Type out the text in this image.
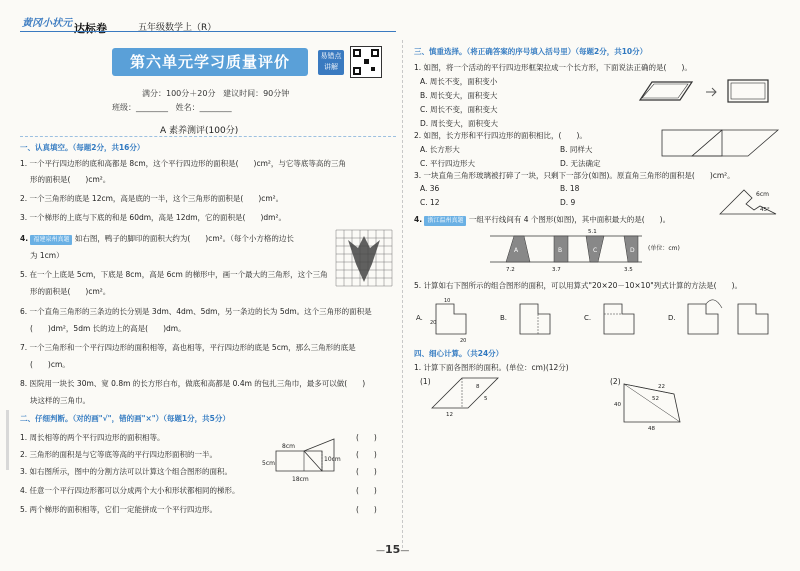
黄冈小状元 达标卷	五年级数学上（R）
第六单元学习质量评价	易错点讲解
满分：100分＋20分 建议时间：90分钟
班级：________   姓名：________
A 素养测评(100分)
一、认真填空。（每题2分，共16分）
1. 一个平行四边形的底和高都是 8cm，这个平行四边形的面积是(　　)cm²，与它等底等高的三角
形的面积是(　　)cm²。
2. 一个三角形的底是 12cm，高是底的一半，这个三角形的面积是(　　)cm²。
3. 一个梯形的上底与下底的和是 60dm，高是 12dm，它的面积是(　　)dm²。
4. 福建泉州真题 如右图，鸭子的脚印的面积大约为(　　)cm²。（每个小方格的边长
为 1cm）
5. 在一个上底是 5cm，下底是 8cm，高是 6cm 的梯形中，画一个最大的三角形，这个三角
形的面积是(　　)cm²。
6. 一个直角三角形的三条边的长分别是 3dm、4dm、5dm，另一条边的长为 5dm。这个三角形的面积是
(　　)dm²，5dm 长的边上的高是(　　)dm。
7. 一个三角形和一个平行四边形的面积相等，高也相等，平行四边形的底是 5cm，那么三角形的底是
(　　)cm。
8. 医院用一块长 30m、宽 0.8m 的长方形白布，做底和高都是 0.4m 的包扎三角巾，最多可以做(　　)
块这样的三角巾。
二、仔细判断。（对的画"√"，错的画"×"）（每题1分，共5分）
1. 周长相等的两个平行四边形的面积相等。	(　　)
2. 三角形的面积是与它等底等高的平行四边形面积的一半。	(　　)
3. 如右图所示，图中的分割方法可以计算这个组合图形的面积。	(　　)
4. 任意一个平行四边形都可以分成两个大小和形状都相同的梯形。	(　　)
5. 两个梯形的面积相等，它们一定能拼成一个平行四边形。	(　　)
8cm
10cm
5cm
18cm
三、慎重选择。（将正确答案的序号填入括号里）（每题2分，共10分）
1. 如图，将一个活动的平行四边形框架拉成一个长方形，下面说法正确的是(　　)。
A. 周长不变，面积变小
B. 周长变大，面积变大
C. 周长不变，面积变大
D. 周长变大，面积变大
2. 如图，长方形和平行四边形的面积相比，(　　)。
A. 长方形大	B. 同样大
C. 平行四边形大	D. 无法确定
3. 一块直角三角形玻璃被打碎了一块，只剩下一部分(如图)。原直角三角形的面积是(　　)cm²。
A. 36	B. 18
C. 12	D. 9
6cm
45°
4. 浙江温州真题 一组平行线间有 4 个图形(如图)，其中面积最大的是(　　)。
A	B	C	D
7.2	3.7
5.1
3.5
(单位：cm)
5. 计算如右下图所示的组合图形的面积，可以用算式"20×20－10×10"列式计算的方法是(　　)。
A.
20
B.	C.	D.
20
10
四、细心计算。（共24分）
1. 计算下面各图形的面积。(单位：cm)(12分)
(1)	(2)
8
5
12
22
52
40
48
—15—
